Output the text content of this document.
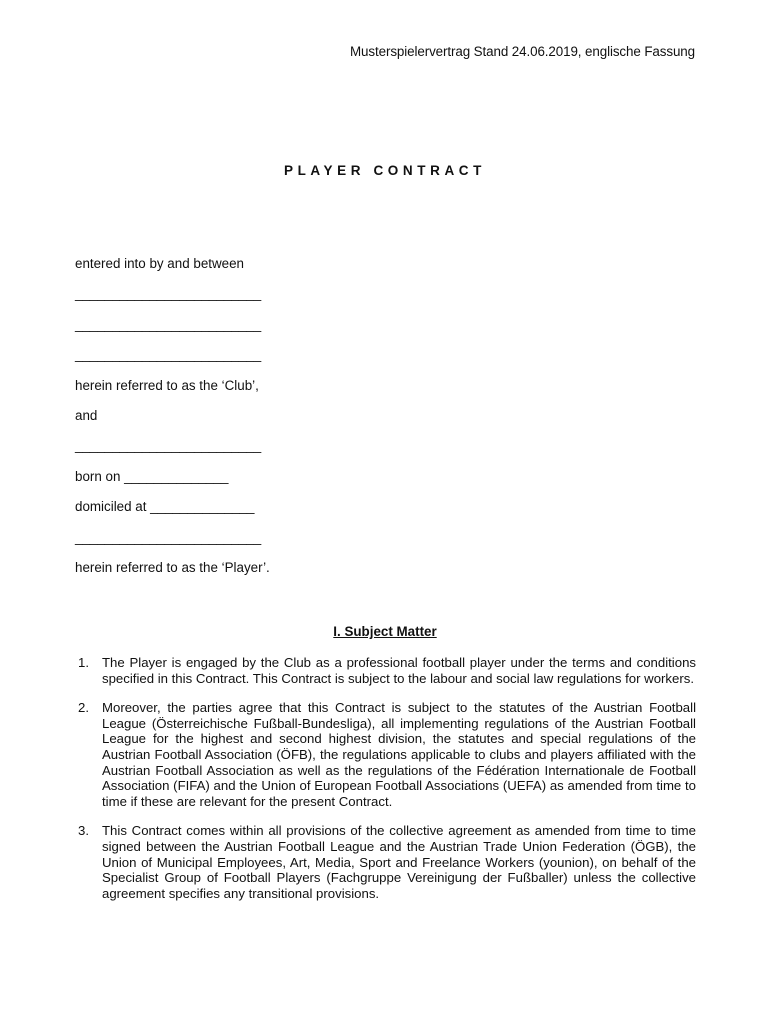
Musterspielervertrag Stand 24.06.2019, englische Fassung
PLAYER CONTRACT
entered into by and between
_________________________
_________________________
_________________________
herein referred to as the ‘Club’,
and
_________________________
born on ______________
domiciled at ______________
_________________________
herein referred to as the ‘Player’.
I. Subject Matter
1. The Player is engaged by the Club as a professional football player under the terms and conditions specified in this Contract. This Contract is subject to the labour and social law regulations for workers.
2. Moreover, the parties agree that this Contract is subject to the statutes of the Austrian Football League (Österreichische Fußball-Bundesliga), all implementing regulations of the Austrian Football League for the highest and second highest division, the statutes and special regulations of the Austrian Football Association (ÖFB), the regulations applicable to clubs and players affiliated with the Austrian Football Association as well as the regulations of the Fédération Internationale de Football Association (FIFA) and the Union of European Football Associations (UEFA) as amended from time to time if these are relevant for the present Contract.
3. This Contract comes within all provisions of the collective agreement as amended from time to time signed between the Austrian Football League and the Austrian Trade Union Federation (ÖGB), the Union of Municipal Employees, Art, Media, Sport and Freelance Workers (younion), on behalf of the Specialist Group of Football Players (Fachgruppe Vereinigung der Fußballer) unless the collective agreement specifies any transitional provisions.
